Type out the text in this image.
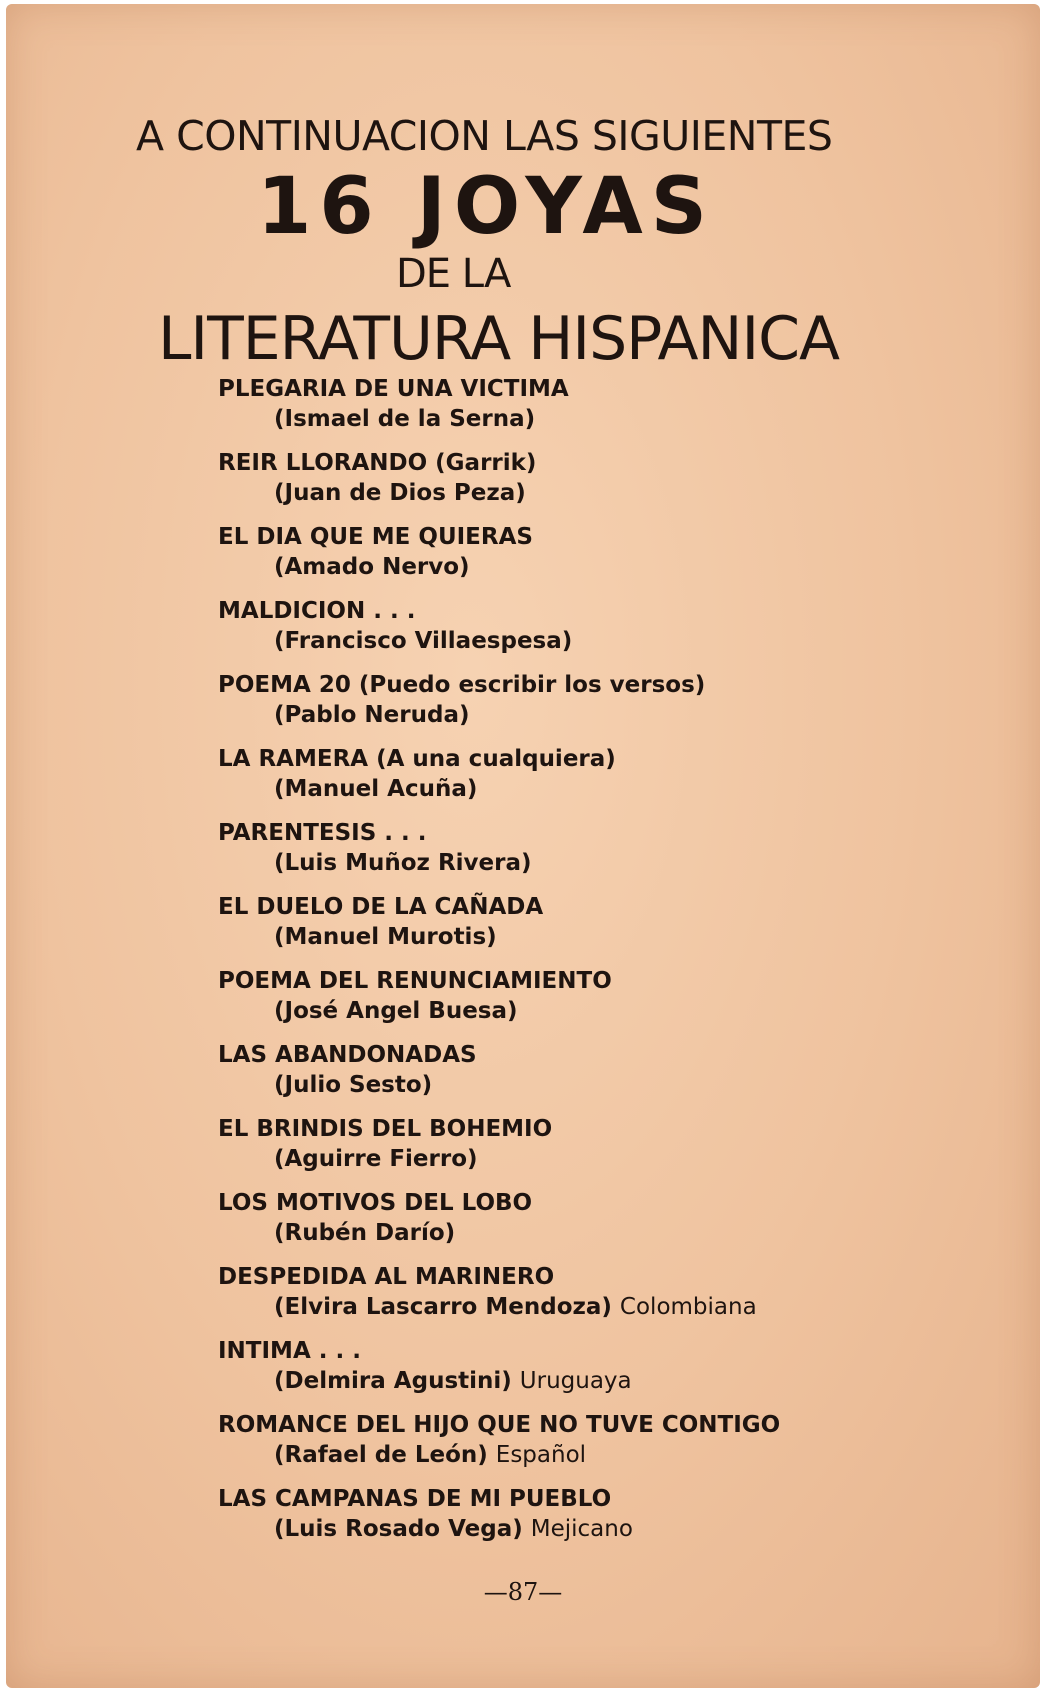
A CONTINUACION LAS SIGUIENTES
16 JOYAS
DE LA
LITERATURA HISPANICA
PLEGARIA DE UNA VICTIMA
(Ismael de la Serna)
REIR LLORANDO (Garrik)
(Juan de Dios Peza)
EL DIA QUE ME QUIERAS
(Amado Nervo)
MALDICION . . .
(Francisco Villaespesa)
POEMA 20 (Puedo escribir los versos)
(Pablo Neruda)
LA RAMERA (A una cualquiera)
(Manuel Acuña)
PARENTESIS . . .
(Luis Muñoz Rivera)
EL DUELO DE LA CAÑADA
(Manuel Murotis)
POEMA DEL RENUNCIAMIENTO
(José Angel Buesa)
LAS ABANDONADAS
(Julio Sesto)
EL BRINDIS DEL BOHEMIO
(Aguirre Fierro)
LOS MOTIVOS DEL LOBO
(Rubén Darío)
DESPEDIDA AL MARINERO
(Elvira Lascarro Mendoza) Colombiana
INTIMA . . .
(Delmira Agustini) Uruguaya
ROMANCE DEL HIJO QUE NO TUVE CONTIGO
(Rafael de León) Español
LAS CAMPANAS DE MI PUEBLO
(Luis Rosado Vega) Mejicano
—87—
